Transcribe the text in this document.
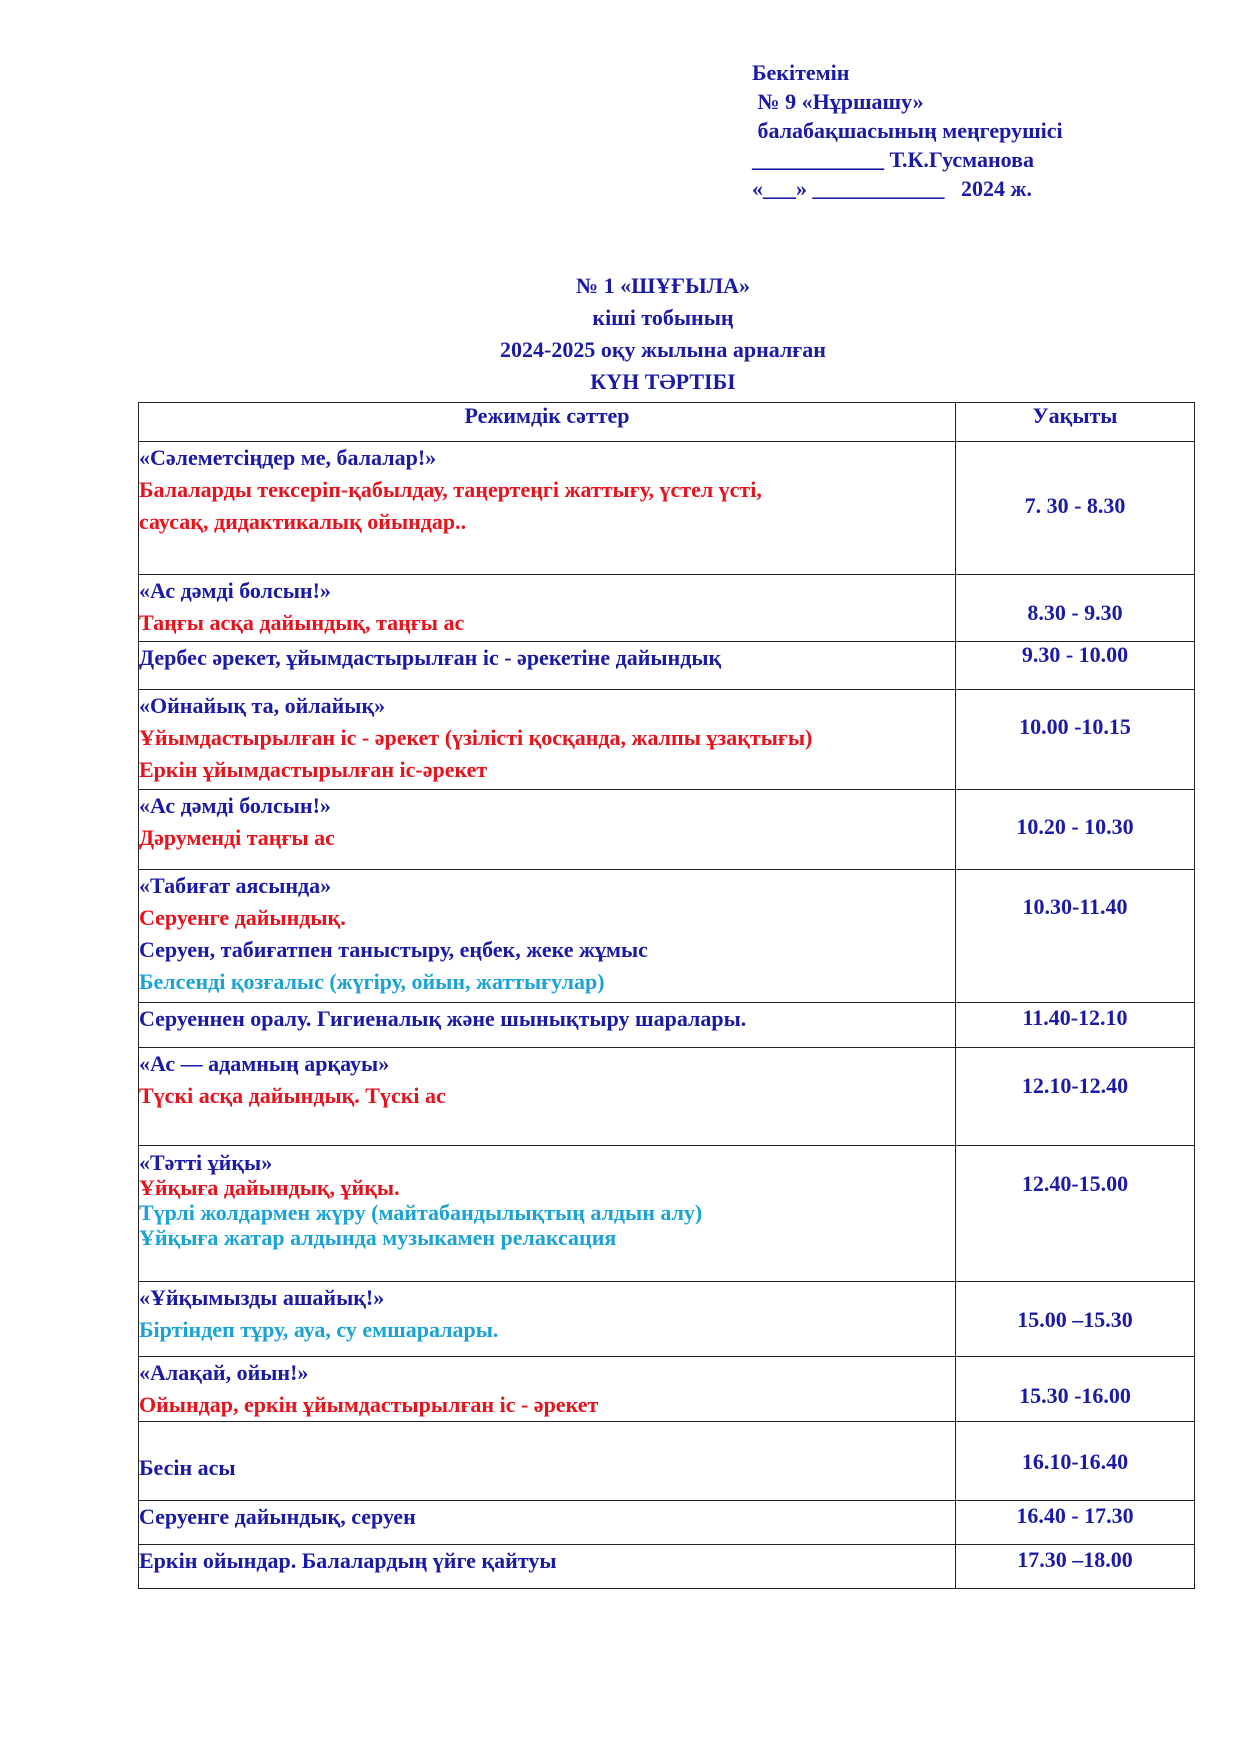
Бекітемін
№ 9 «Нұршашу»
балабақшасының меңгерушісі
____________ Т.К.Гусманова
«___» ____________   2024 ж.
№ 1 «ШҰҒЫЛА»
кіші тобының
2024-2025 оқу жылына арналған
КҮН ТӘРТІБІ
Режимдік сәттер	Уақыты

«Сәлеметсіңдер ме, балалар!»
Балаларды тексеріп-қабылдау, таңертеңгі жаттығу, үстел үсті,
саусақ, дидактикалық ойындар..	7. 30 - 8.30

«Ас дәмді болсын!»
Таңғы асқа дайындық, таңғы ас	8.30 - 9.30

Дербес әрекет, ұйымдастырылған іс - әрекетіне дайындық	9.30 - 10.00

«Ойнайық та, ойлайық»
Ұйымдастырылған іс - әрекет (үзілісті қосқанда, жалпы ұзақтығы)
Еркін ұйымдастырылған іс-әрекет	10.00 -10.15

«Ас дәмді болсын!»
Дәруменді таңғы ас	10.20 - 10.30

«Табиғат аясында»
Серуенге дайындық.
Серуен, табиғатпен таныстыру, еңбек, жеке жұмыс
Белсенді қозғалыс (жүгіру, ойын, жаттығулар)	10.30-11.40

Серуеннен оралу. Гигиеналық және шынықтыру шаралары.	11.40-12.10

«Ас — адамның арқауы»
Түскі асқа дайындық. Түскі ас	12.10-12.40

«Тәтті ұйқы»
Ұйқыға дайындық, ұйқы.
Түрлі жолдармен жүру (майтабандылықтың алдын алу)
Ұйқыға жатар алдында музыкамен релаксация	12.40-15.00

«Ұйқымызды ашайық!»
Біртіндеп тұру, ауа, су емшаралары.	15.00 –15.30

«Алақай, ойын!»
Ойындар, еркін ұйымдастырылған іс - әрекет	15.30 -16.00

Бесін асы	16.10-16.40

Серуенге дайындық, серуен	16.40 - 17.30

Еркін ойындар. Балалардың үйге қайтуы	17.30 –18.00
